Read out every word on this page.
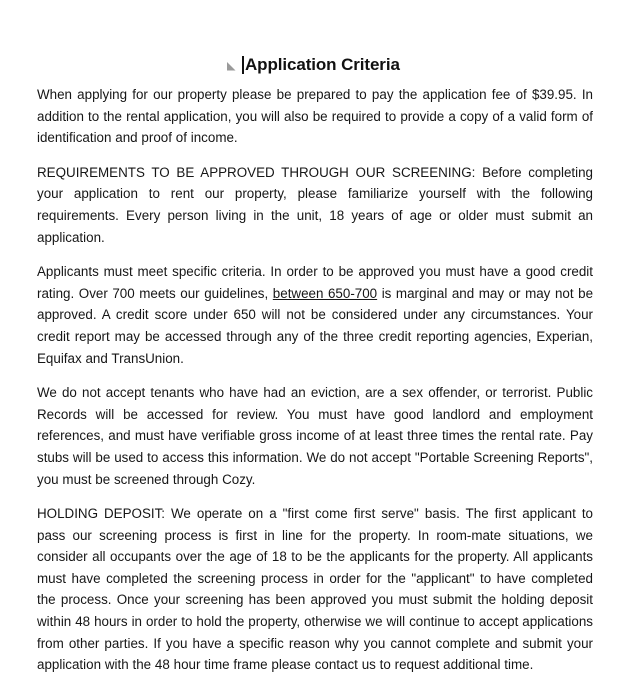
Application Criteria

When applying for our property please be prepared to pay the application fee of $39.95. In addition to the rental application, you will also be required to provide a copy of a valid form of identification and proof of income.

REQUIREMENTS TO BE APPROVED THROUGH OUR SCREENING: Before completing your application to rent our property, please familiarize yourself with the following requirements. Every person living in the unit, 18 years of age or older must submit an application.

Applicants must meet specific criteria. In order to be approved you must have a good credit rating. Over 700 meets our guidelines, between 650-700 is marginal and may or may not be approved. A credit score under 650 will not be considered under any circumstances. Your credit report may be accessed through any of the three credit reporting agencies, Experian, Equifax and TransUnion.

We do not accept tenants who have had an eviction, are a sex offender, or terrorist. Public Records will be accessed for review. You must have good landlord and employment references, and must have verifiable gross income of at least three times the rental rate. Pay stubs will be used to access this information. We do not accept "Portable Screening Reports", you must be screened through Cozy.

HOLDING DEPOSIT: We operate on a "first come first serve" basis. The first applicant to pass our screening process is first in line for the property. In room-mate situations, we consider all occupants over the age of 18 to be the applicants for the property. All applicants must have completed the screening process in order for the "applicant" to have completed the process. Once your screening has been approved you must submit the holding deposit within 48 hours in order to hold the property, otherwise we will continue to accept applications from other parties. If you have a specific reason why you cannot complete and submit your application with the 48 hour time frame please contact us to request additional time.
